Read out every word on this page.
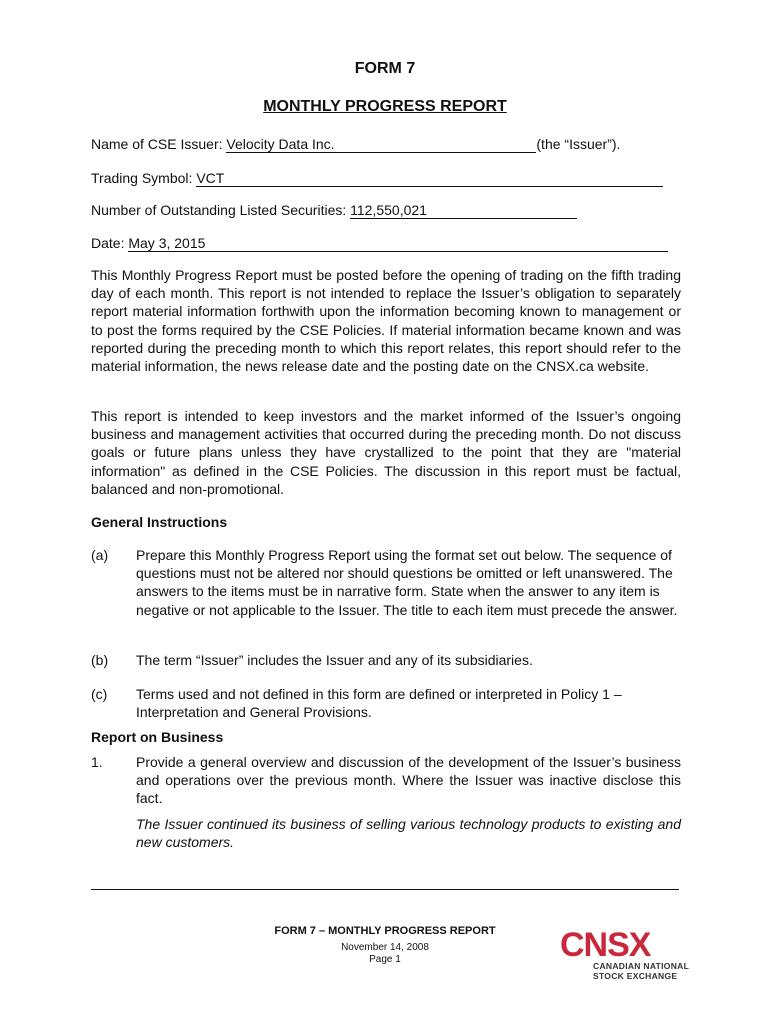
FORM 7
MONTHLY PROGRESS REPORT
Name of CSE Issuer: Velocity Data Inc.	(the “Issuer”).
Trading Symbol: VCT
Number of Outstanding Listed Securities: 112,550,021
Date: May 3, 2015

This Monthly Progress Report must be posted before the opening of trading on the fifth trading day of each month. This report is not intended to replace the Issuer’s obligation to separately report material information forthwith upon the information becoming known to management or to post the forms required by the CSE Policies. If material information became known and was reported during the preceding month to which this report relates, this report should refer to the material information, the news release date and the posting date on the CNSX.ca website.

This report is intended to keep investors and the market informed of the Issuer’s ongoing business and management activities that occurred during the preceding month. Do not discuss goals or future plans unless they have crystallized to the point that they are "material information" as defined in the CSE Policies. The discussion in this report must be factual, balanced and non-promotional.

General Instructions
(a) Prepare this Monthly Progress Report using the format set out below. The sequence of questions must not be altered nor should questions be omitted or left unanswered. The answers to the items must be in narrative form. State when the answer to any item is negative or not applicable to the Issuer. The title to each item must precede the answer.

(b) The term “Issuer” includes the Issuer and any of its subsidiaries.

(c) Terms used and not defined in this form are defined or interpreted in Policy 1 – Interpretation and General Provisions.

Report on Business
1. Provide a general overview and discussion of the development of the Issuer’s business and operations over the previous month. Where the Issuer was inactive disclose this fact.

The Issuer continued its business of selling various technology products to existing and new customers.

FORM 7 – MONTHLY PROGRESS REPORT
November 14, 2008
Page 1	CNSX
CANADIAN NATIONAL
STOCK EXCHANGE
